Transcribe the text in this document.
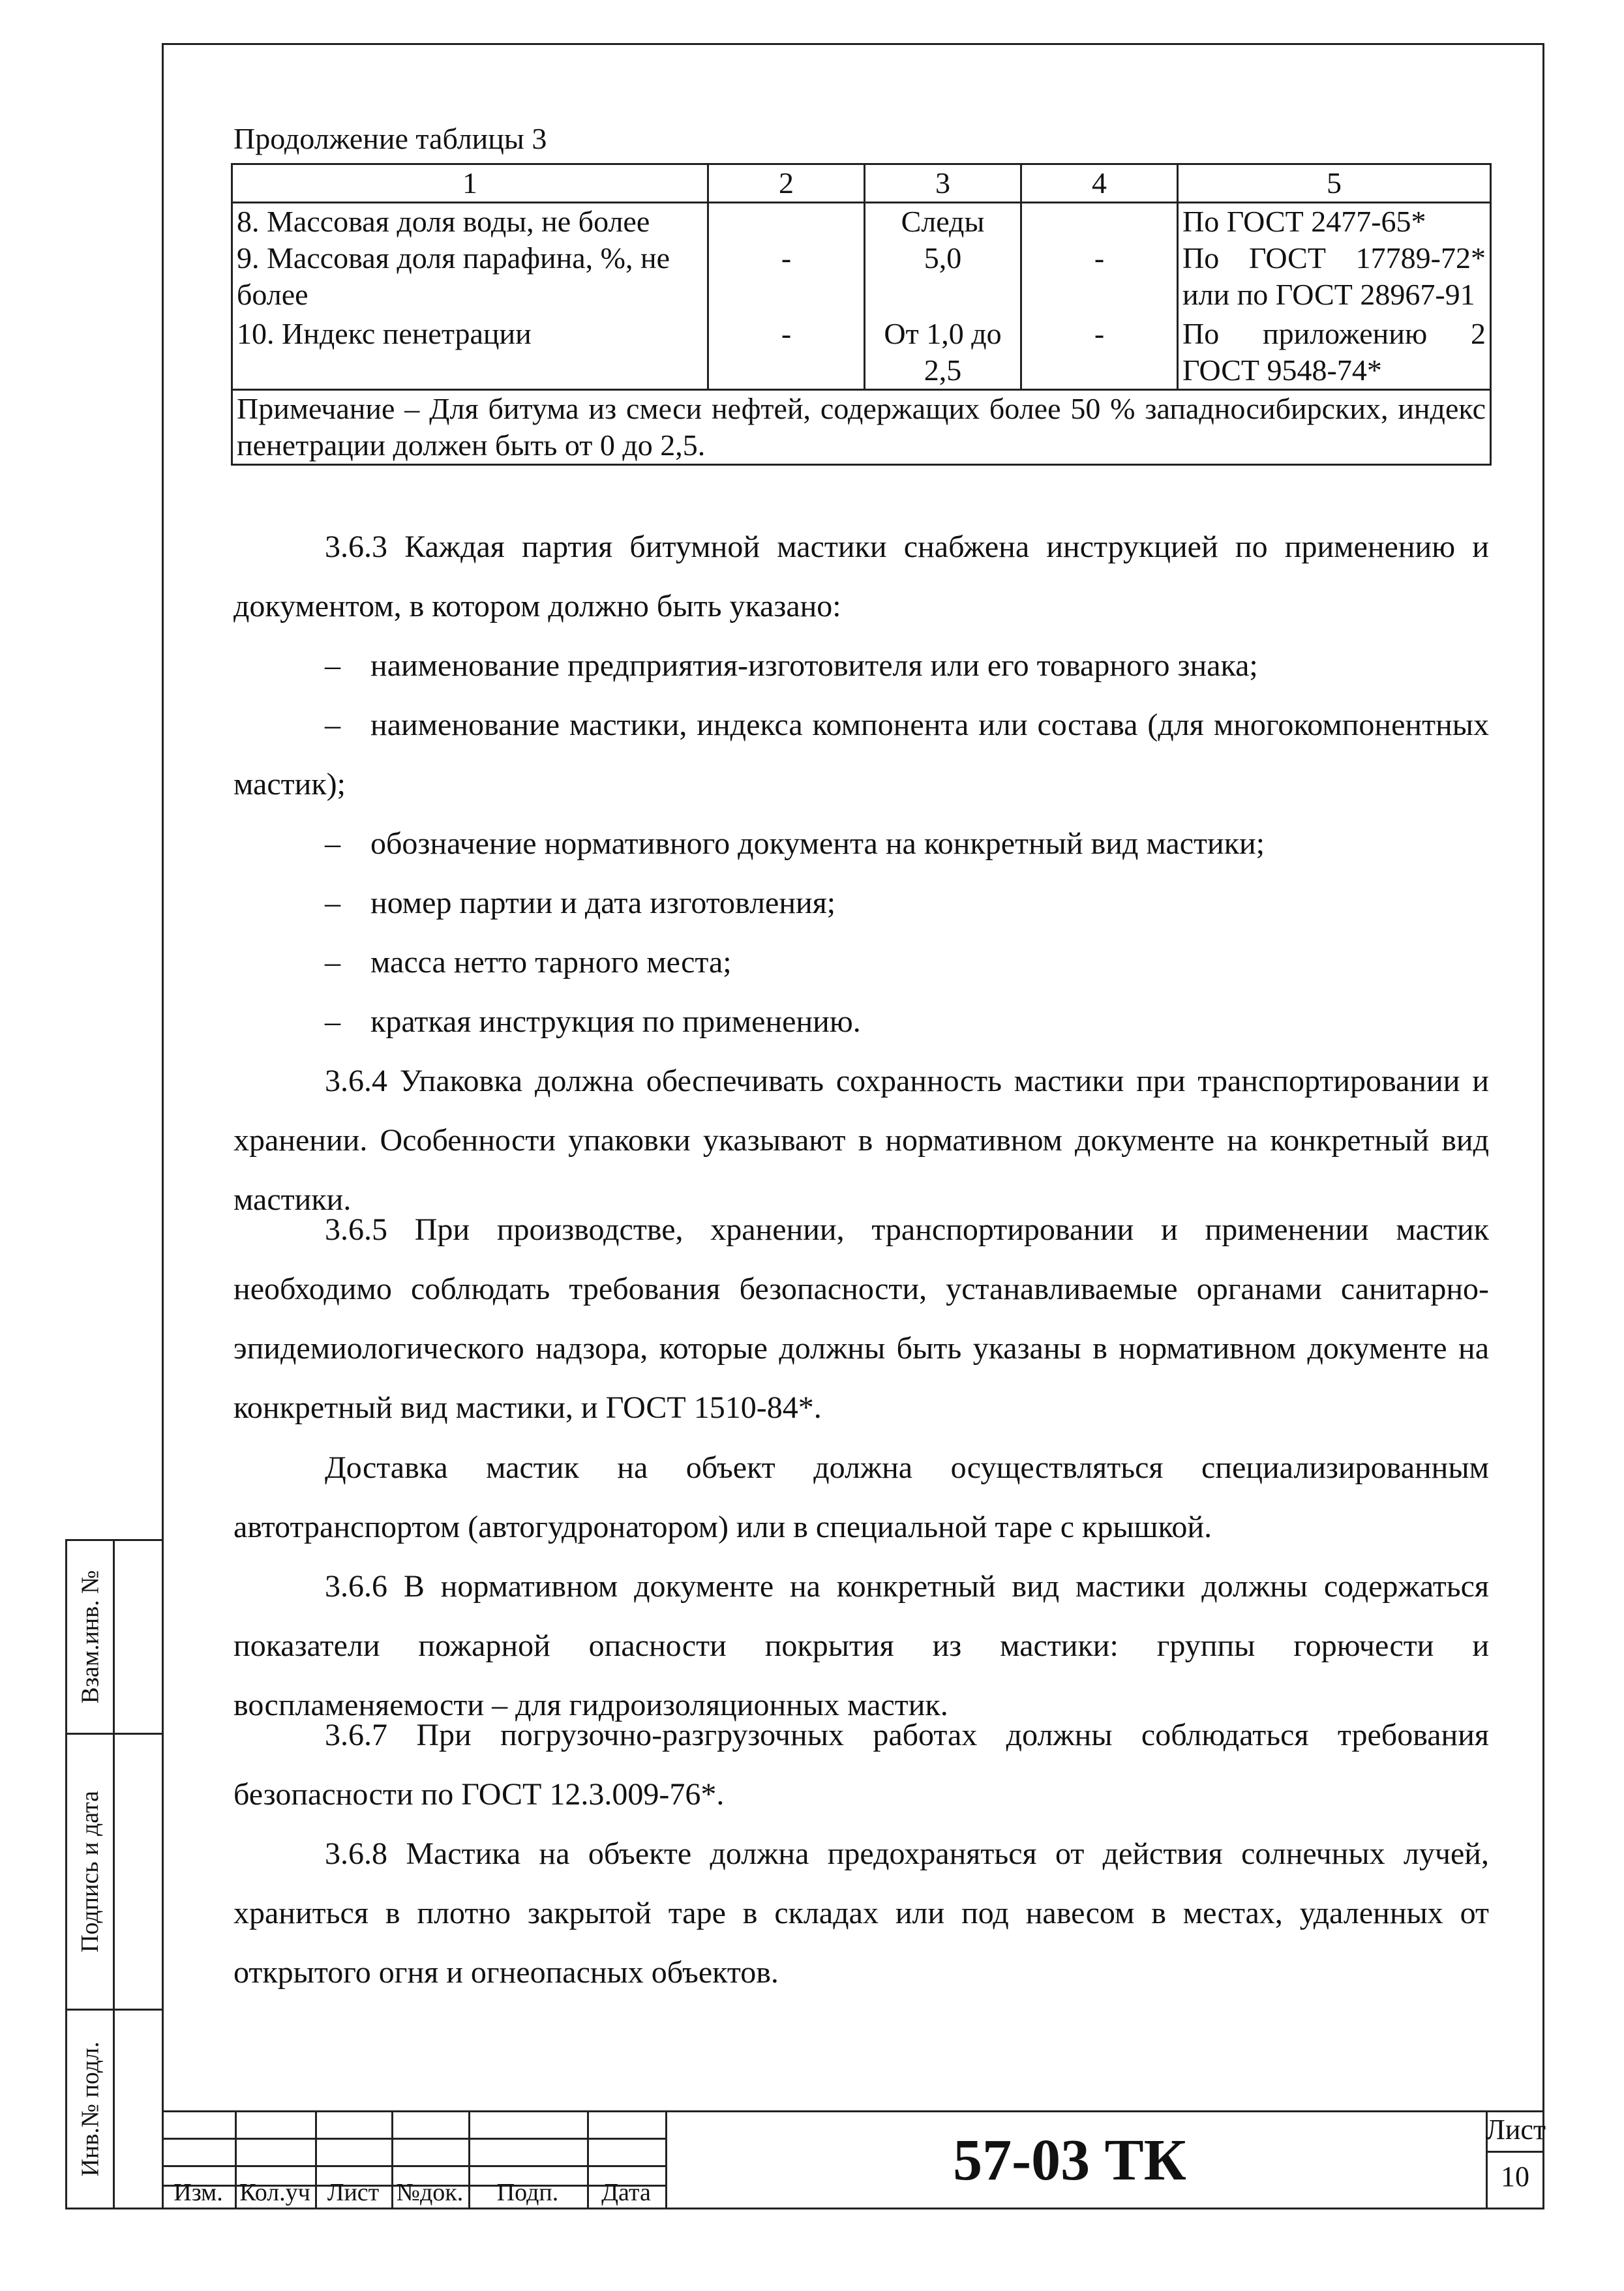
Взам.инв. №
Подпись и дата
Инв.№ подл.
Продолжение таблицы 3
1	2	3	4	5
8. Массовая доля воды, не более		Следы		По ГОСТ 2477-65*
9. Массовая доля парафина, %, не более	-	5,0	-	По ГОСТ 17789-72* или по ГОСТ 28967-91
10. Индекс пенетрации	-	От 1,0 до 2,5	-	По приложению 2 ГОСТ 9548-74*
Примечание – Для битума из смеси нефтей, содержащих более 50 % западносибирских, индекс пенетрации должен быть от 0 до 2,5.				
3.6.3 Каждая партия битумной мастики снабжена инструкцией по применению и документом, в котором должно быть указано:
– наименование предприятия-изготовителя или его товарного знака;
– наименование мастики, индекса компонента или состава (для многокомпонентных мастик);
– обозначение нормативного документа на конкретный вид мастики;
– номер партии и дата изготовления;
– масса нетто тарного места;
– краткая инструкция по применению.
3.6.4 Упаковка должна обеспечивать сохранность мастики при транспортировании и хранении. Особенности упаковки указывают в нормативном документе на конкретный вид мастики.
3.6.5 При производстве, хранении, транспортировании и применении мастик необходимо соблюдать требования безопасности, устанавливаемые органами санитарно-эпидемиологического надзора, которые должны быть указаны в нормативном документе на конкретный вид мастики, и ГОСТ 1510-84*.
Доставка мастик на объект должна осуществляться специализированным автотранспортом (автогудронатором) или в специальной таре с крышкой.
3.6.6 В нормативном документе на конкретный вид мастики должны содержаться показатели пожарной опасности покрытия из мастики: группы горючести и воспламеняемости – для гидроизоляционных мастик.
3.6.7 При погрузочно-разгрузочных работах должны соблюдаться требования безопасности по ГОСТ 12.3.009-76*.
3.6.8 Мастика на объекте должна предохраняться от действия солнечных лучей, храниться в плотно закрытой таре в складах или под навесом в местах, удаленных от открытого огня и огнеопасных объектов.
Изм. Кол.уч Лист №док.	Подп.	Дата
57-03 ТК	Лист
10
